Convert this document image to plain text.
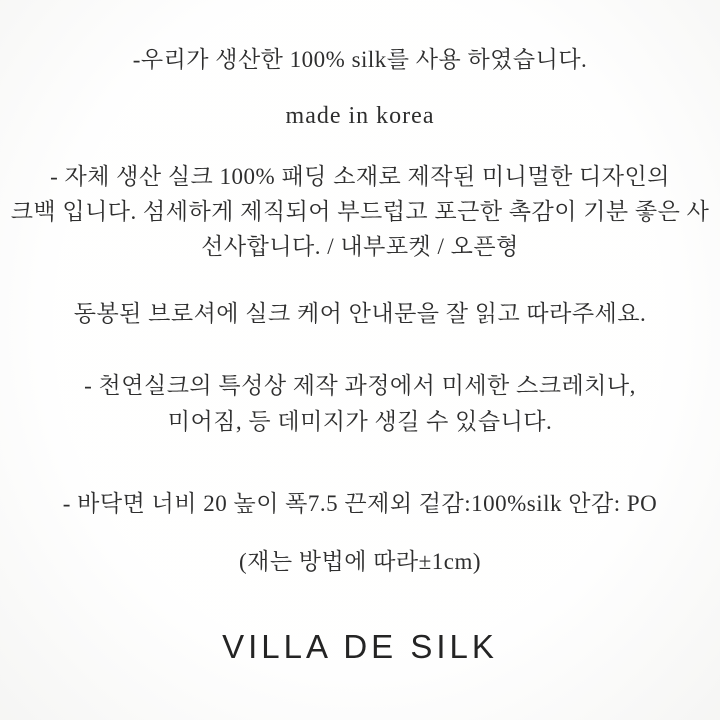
-우리가 생산한 100% silk를 사용 하였습니다.
made in korea
- 자체 생산 실크 100% 패딩 소재로 제작된 미니멀한 디자인의
크백 입니다. 섬세하게 제직되어 부드럽고 포근한 촉감이 기분 좋은 사
선사합니다. / 내부포켓 / 오픈형
동봉된 브로셔에 실크 케어 안내문을 잘 읽고 따라주세요.
- 천연실크의 특성상 제작 과정에서 미세한 스크레치나,
미어짐, 등 데미지가 생길 수 있습니다.
- 바닥면 너비 20 높이 폭7.5 끈제외 겉감:100%silk 안감: PO
(재는 방법에 따라±1cm)
VILLA DE SILK
